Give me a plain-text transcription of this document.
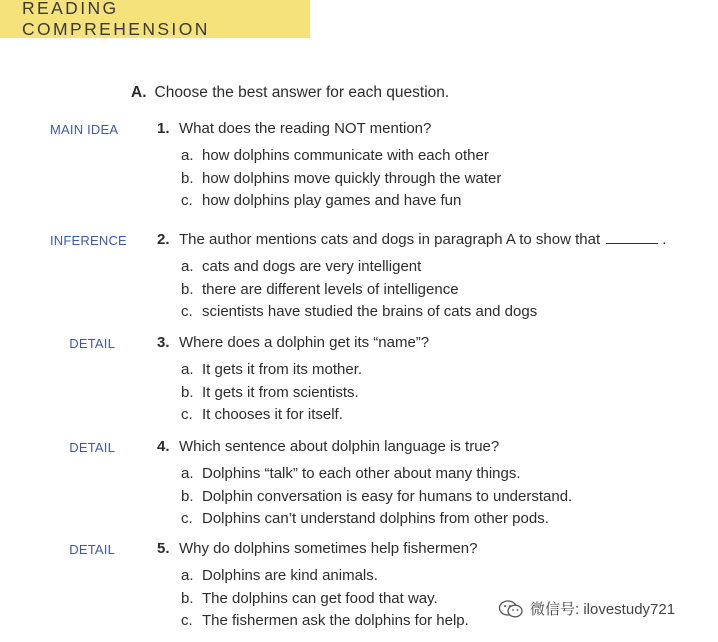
READING COMPREHENSION
A. Choose the best answer for each question.
MAIN IDEA	1. What does the reading NOT mention?
a. how dolphins communicate with each other
b. how dolphins move quickly through the water
c. how dolphins play games and have fun
INFERENCE 2. The author mentions cats and dogs in paragraph A to show that	.
a. cats and dogs are very intelligent
b. there are different levels of intelligence
c. scientists have studied the brains of cats and dogs
DETAIL	3. Where does a dolphin get its “name”?
a. It gets it from its mother.
b. It gets it from scientists.
c. It chooses it for itself.
DETAIL	4. Which sentence about dolphin language is true?
a. Dolphins “talk” to each other about many things.
b. Dolphin conversation is easy for humans to understand.
c. Dolphins can’t understand dolphins from other pods.
DETAIL	5. Why do dolphins sometimes help fishermen?
a. Dolphins are kind animals.
b. The dolphins can get food that way.
c. The fishermen ask the dolphins for help.
微信号: ilovestudy721
